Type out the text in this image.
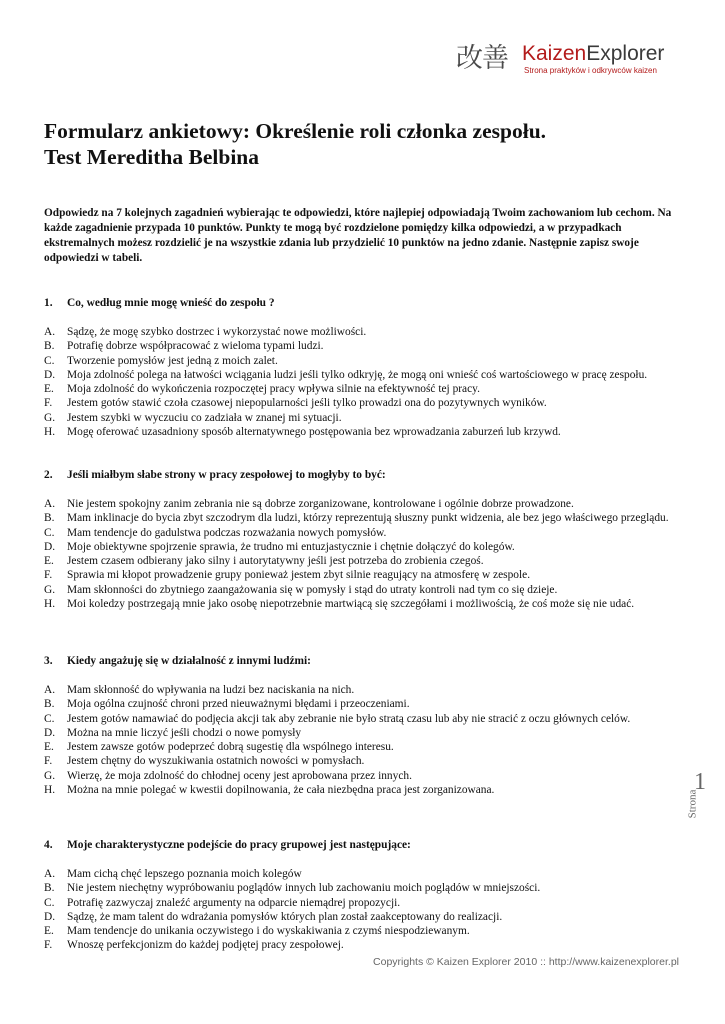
改善 KaizenExplorer
Strona praktyków i odkrywców kaizen
Formularz ankietowy: Określenie roli członka zespołu.
Test Mereditha Belbina
Odpowiedz na 7 kolejnych zagadnień wybierając te odpowiedzi, które najlepiej odpowiadają Twoim zachowaniom lub cechom. Na każde zagadnienie przypada 10 punktów. Punkty te mogą być rozdzielone pomiędzy kilka odpowiedzi, a w przypadkach ekstremalnych możesz rozdzielić je na wszystkie zdania lub przydzielić 10 punktów na jedno zdanie. Następnie zapisz swoje odpowiedzi w tabeli.
1. Co, według mnie mogę wnieść do zespołu ?
A.	Sądzę, że mogę szybko dostrzec i wykorzystać nowe możliwości.
B.	Potrafię dobrze współpracować z wieloma typami ludzi.
C.	Tworzenie pomysłów jest jedną z moich zalet.
D.	Moja zdolność polega na łatwości wciągania ludzi jeśli tylko odkryję, że mogą oni wnieść coś wartościowego w pracę zespołu.
E.	Moja zdolność do wykończenia rozpoczętej pracy wpływa silnie na efektywność tej pracy.
F.	Jestem gotów stawić czoła czasowej niepopularności jeśli tylko prowadzi ona do pozytywnych wyników.
G.	Jestem szybki w wyczuciu co zadziała w znanej mi sytuacji.
H.	Mogę oferować uzasadniony sposób alternatywnego postępowania bez wprowadzania zaburzeń lub krzywd.
2. Jeśli miałbym słabe strony w pracy zespołowej to mogłyby to być:
A.	Nie jestem spokojny zanim zebrania nie są dobrze zorganizowane, kontrolowane i ogólnie dobrze prowadzone.
B.	Mam inklinacje do bycia zbyt szczodrym dla ludzi, którzy reprezentują słuszny punkt widzenia, ale bez jego właściwego przeglądu.
C.	Mam tendencje do gadulstwa podczas rozważania nowych pomysłów.
D.	Moje obiektywne spojrzenie sprawia, że trudno mi entuzjastycznie i chętnie dołączyć do kolegów.
E.	Jestem czasem odbierany jako silny i autorytatywny jeśli jest potrzeba do zrobienia czegoś.
F.	Sprawia mi kłopot prowadzenie grupy ponieważ jestem zbyt silnie reagujący na atmosferę w zespole.
G.	Mam skłonności do zbytniego zaangażowania się w pomysły i stąd do utraty kontroli nad tym co się dzieje.
H.	Moi koledzy postrzegają mnie jako osobę niepotrzebnie martwiącą się szczegółami i możliwością, że coś może się nie udać.
3. Kiedy angażuję się w działalność z innymi ludźmi:
A.	Mam skłonność do wpływania na ludzi bez naciskania na nich.
B.	Moja ogólna czujność chroni przed nieuważnymi błędami i przeoczeniami.
C.	Jestem gotów namawiać do podjęcia akcji tak aby zebranie nie było stratą czasu lub aby nie stracić z oczu głównych celów.
D.	Można na mnie liczyć jeśli chodzi o nowe pomysły
E.	Jestem zawsze gotów podeprzeć dobrą sugestię dla wspólnego interesu.
F.	Jestem chętny do wyszukiwania ostatnich nowości w pomysłach.
G.	Wierzę, że moja zdolność do chłodnej oceny jest aprobowana przez innych.
H.	Można na mnie polegać w kwestii dopilnowania, że cała niezbędna praca jest zorganizowana.
4. Moje charakterystyczne podejście do pracy grupowej jest następujące:
A.	Mam cichą chęć lepszego poznania moich kolegów
B.	Nie jestem niechętny wypróbowaniu poglądów innych lub zachowaniu moich poglądów w mniejszości.
C.	Potrafię zazwyczaj znaleźć argumenty na odparcie niemądrej propozycji.
D.	Sądzę, że mam talent do wdrażania pomysłów których plan został zaakceptowany do realizacji.
E.	Mam tendencje do unikania oczywistego i do wyskakiwania z czymś niespodziewanym.
F.	Wnoszę perfekcjonizm do każdej podjętej pracy zespołowej.
1
Strona
Copyrights © Kaizen Explorer 2010 :: http://www.kaizenexplorer.pl
